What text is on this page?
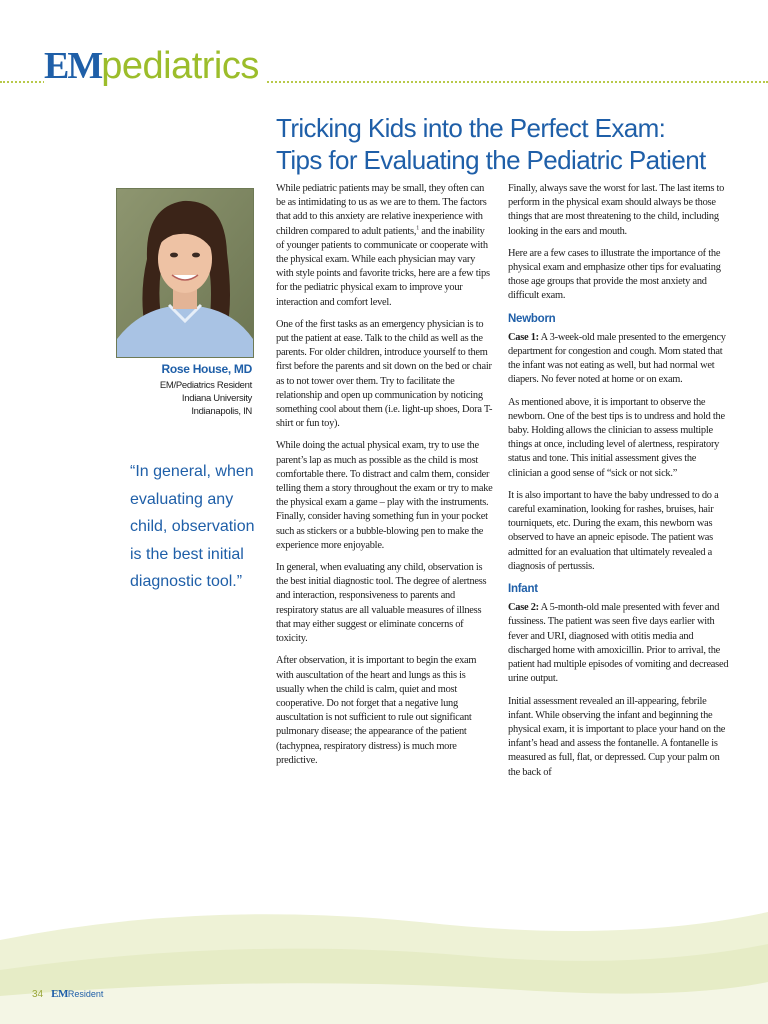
EM pediatrics
Tricking Kids into the Perfect Exam:
Tips for Evaluating the Pediatric Patient
Rose House, MD
EM/Pediatrics Resident
Indiana University
Indianapolis, IN

“In general, when evaluating any child, observation is the best initial diagnostic tool.”

While pediatric patients may be small, they often can be as intimidating to us as we are to them. The factors that add to this anxiety are relative inexperience with children compared to adult patients,$^1$ and the inability of younger patients to communicate or cooperate with the physical exam. While each physician may vary with style points and favorite tricks, here are a few tips for the pediatric physical exam to improve your interaction and comfort level.

One of the first tasks as an emergency physician is to put the patient at ease. Talk to the child as well as the parents. For older children, introduce yourself to them first before the parents and sit down on the bed or chair as to not tower over them. Try to facilitate the relationship and open up communication by noticing something cool about them (i.e. light-up shoes, Dora T-shirt or fun toy).

While doing the actual physical exam, try to use the parent’s lap as much as possible as the child is most comfortable there. To distract and calm them, consider telling them a story throughout the exam or try to make the physical exam a game – play with the instruments. Finally, consider having something fun in your pocket such as stickers or a bubble-blowing pen to make the experience more enjoyable.

In general, when evaluating any child, observation is the best initial diagnostic tool. The degree of alertness and interaction, responsiveness to parents and respiratory status are all valuable measures of illness that may either suggest or eliminate concerns of toxicity.

After observation, it is important to begin the exam with auscultation of the heart and lungs as this is usually when the child is calm, quiet and most cooperative. Do not forget that a negative lung auscultation is not sufficient to rule out significant pulmonary disease; the appearance of the patient (tachypnea, respiratory distress) is much more predictive.

Finally, always save the worst for last. The last items to perform in the physical exam should always be those things that are most threatening to the child, including looking in the ears and mouth.

Here are a few cases to illustrate the importance of the physical exam and emphasize other tips for evaluating those age groups that provide the most anxiety and difficult exam.

Newborn

Case 1: A 3-week-old male presented to the emergency department for congestion and cough. Mom stated that the infant was not eating as well, but had normal wet diapers. No fever noted at home or on exam.

As mentioned above, it is important to observe the newborn. One of the best tips is to undress and hold the baby. Holding allows the clinician to assess multiple things at once, including level of alertness, respiratory status and tone. This initial assessment gives the clinician a good sense of “sick or not sick.”

It is also important to have the baby undressed to do a careful examination, looking for rashes, bruises, hair tourniquets, etc. During the exam, this newborn was observed to have an apneic episode. The patient was admitted for an evaluation that ultimately revealed a diagnosis of pertussis.

Infant

Case 2: A 5-month-old male presented with fever and fussiness. The patient was seen five days earlier with fever and URI, diagnosed with otitis media and discharged home with amoxicillin. Prior to arrival, the patient had multiple episodes of vomiting and decreased urine output.

Initial assessment revealed an ill-appearing, febrile infant. While observing the infant and beginning the physical exam, it is important to place your hand on the infant’s head and assess the fontanelle. A fontanelle is measured as full, flat, or depressed. Cup your palm on the back of

34 EM Resident
